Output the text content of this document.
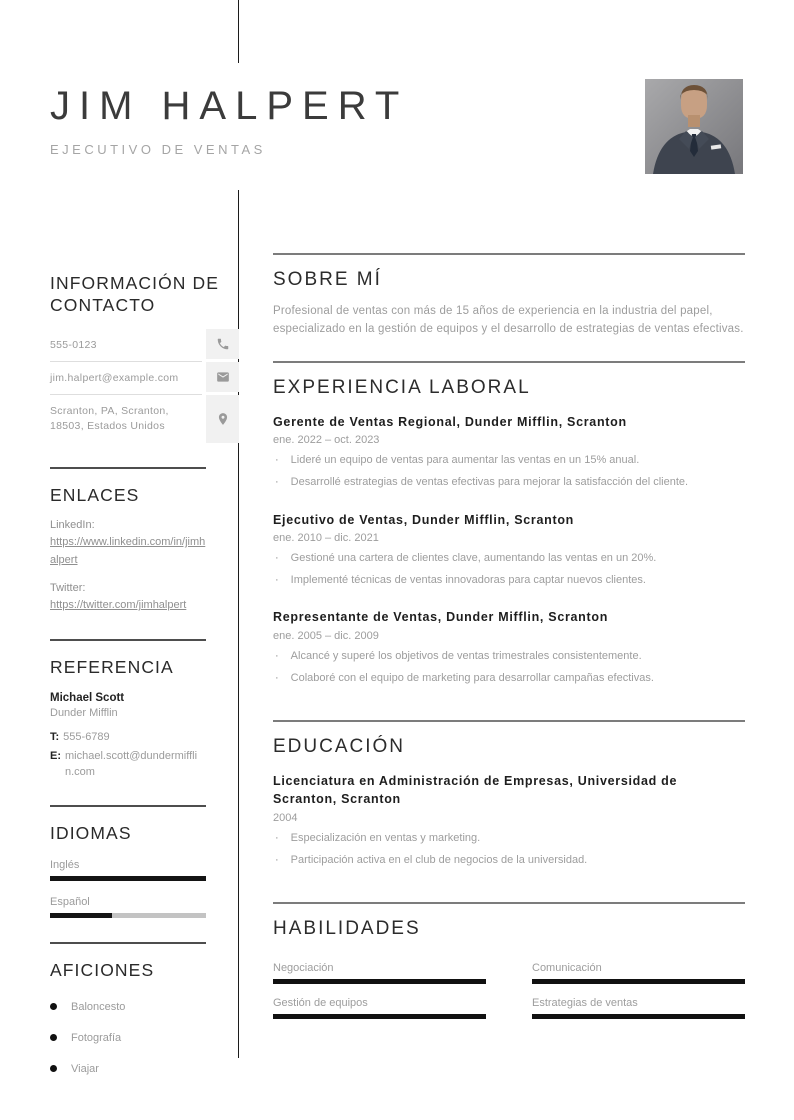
JIM HALPERT
EJECUTIVO DE VENTAS
INFORMACIÓN DE CONTACTO
555-0123
jim.halpert@example.com
Scranton, PA, Scranton, 18503, Estados Unidos
ENLACES
LinkedIn:
https://www.linkedin.com/in/jimhalpert
Twitter:
https://twitter.com/jimhalpert
REFERENCIA
Michael Scott
Dunder Mifflin
T: 555-6789
E: michael.scott@dundermifflin.com
IDIOMAS
Inglés
Español
AFICIONES
Baloncesto
Fotografía
Viajar
SOBRE MÍ

Profesional de ventas con más de 15 años de experiencia en la industria del papel, especializado en la gestión de equipos y el desarrollo de estrategias de ventas efectivas.

EXPERIENCIA LABORAL
Gerente de Ventas Regional, Dunder Mifflin, Scranton
ene. 2022 – oct. 2023
· Lideré un equipo de ventas para aumentar las ventas en un 15% anual.
· Desarrollé estrategias de ventas efectivas para mejorar la satisfacción del cliente.
Ejecutivo de Ventas, Dunder Mifflin, Scranton
ene. 2010 – dic. 2021
· Gestioné una cartera de clientes clave, aumentando las ventas en un 20%.
· Implementé técnicas de ventas innovadoras para captar nuevos clientes.
Representante de Ventas, Dunder Mifflin, Scranton
ene. 2005 – dic. 2009
· Alcancé y superé los objetivos de ventas trimestrales consistentemente.
· Colaboré con el equipo de marketing para desarrollar campañas efectivas.
EDUCACIÓN
Licenciatura en Administración de Empresas, Universidad de Scranton, Scranton
2004
· Especialización en ventas y marketing.
· Participación activa en el club de negocios de la universidad.
HABILIDADES
Negociación	Comunicación
Gestión de equipos	Estrategias de ventas
